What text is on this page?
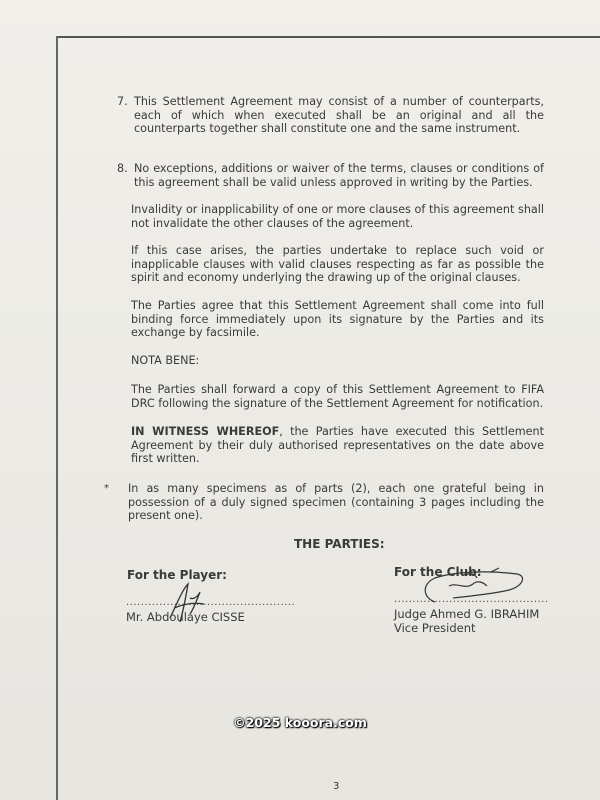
7. This Settlement Agreement may consist of a number of counterparts, each of which when executed shall be an original and all the counterparts together shall constitute one and the same instrument.
8. No exceptions, additions or waiver of the terms, clauses or conditions of this agreement shall be valid unless approved in writing by the Parties.
Invalidity or inapplicability of one or more clauses of this agreement shall not invalidate the other clauses of the agreement.
If this case arises, the parties undertake to replace such void or inapplicable clauses with valid clauses respecting as far as possible the spirit and economy underlying the drawing up of the original clauses.
The Parties agree that this Settlement Agreement shall come into full binding force immediately upon its signature by the Parties and its exchange by facsimile.
NOTA BENE:
The Parties shall forward a copy of this Settlement Agreement to FIFA DRC following the signature of the Settlement Agreement for notification.
IN WITNESS WHEREOF, the Parties have executed this Settlement Agreement by their duly authorised representatives on the date above first written.
* In as many specimens as of parts (2), each one grateful being in possession of a duly signed specimen (containing 3 pages including the present one).
THE PARTIES:
For the Player:
..............................................
Mr. Abdoulaye CISSE
For the Club:
..........................................
Judge Ahmed G. IBRAHIM
Vice President
©2025 kooora.com
3
